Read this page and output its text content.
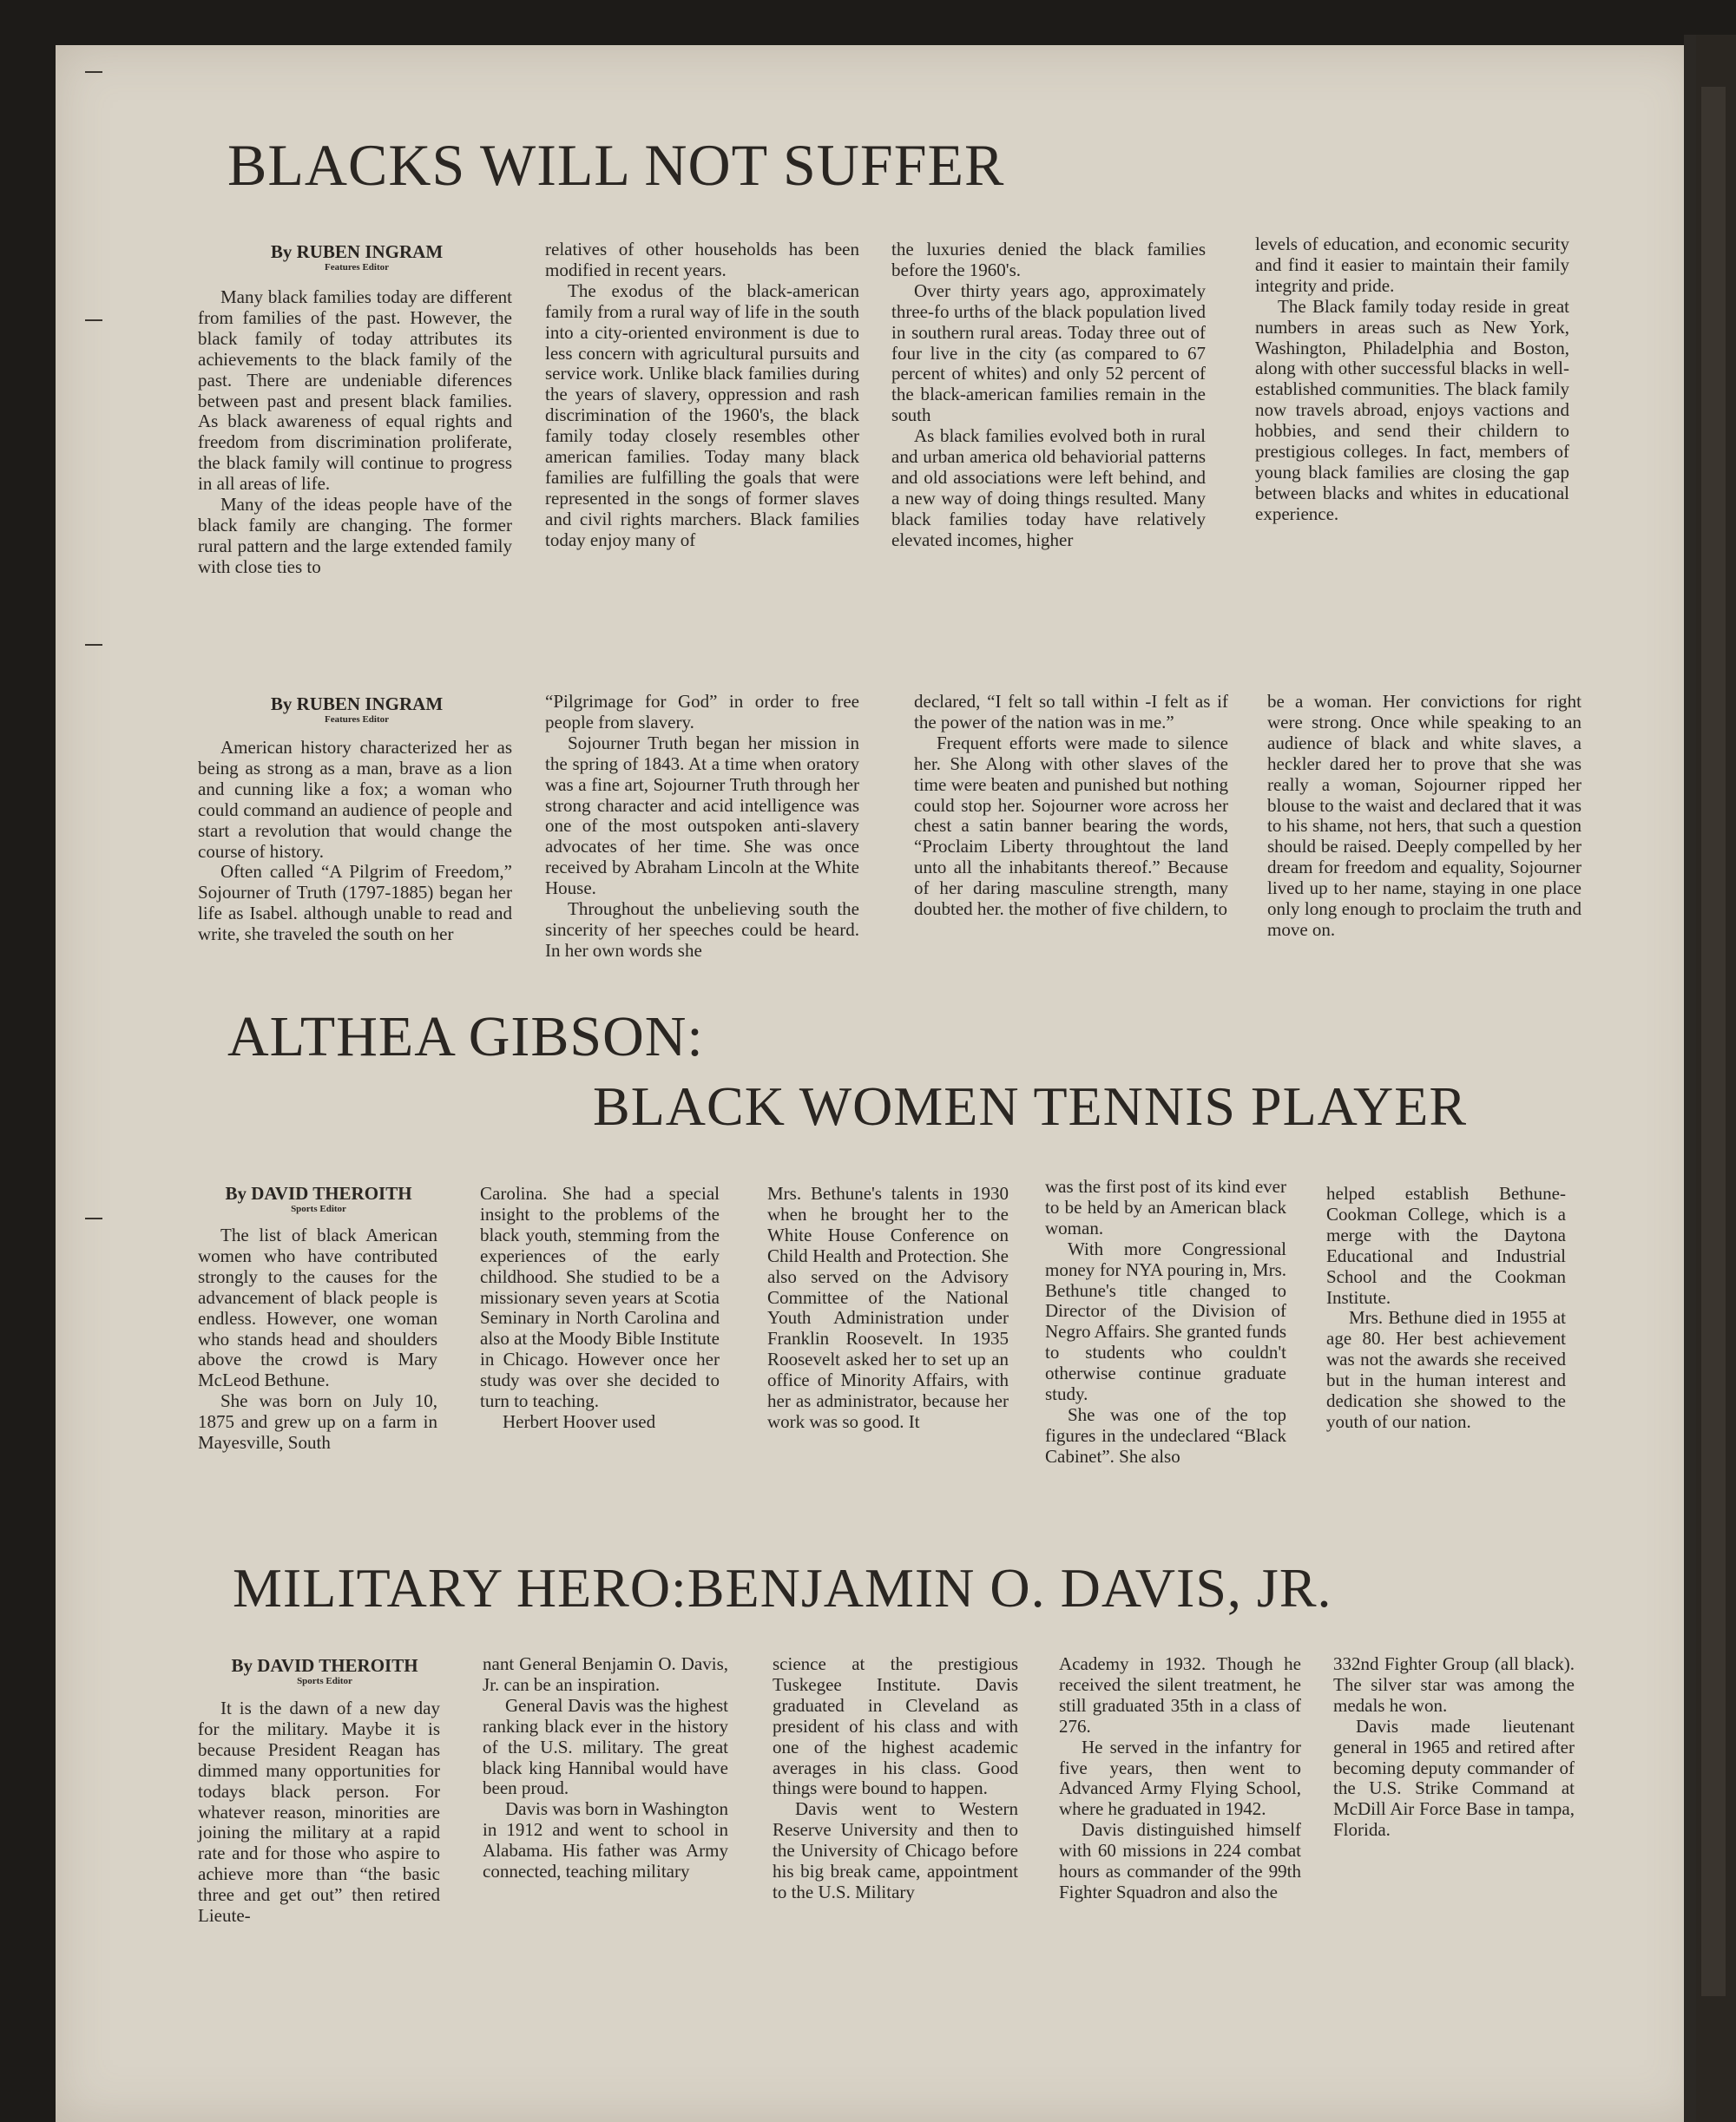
BLACKS WILL NOT SUFFER
By RUBEN INGRAM
Features Editor

Many black families today are different from families of the past. However, the black family of today attributes its achievements to the black family of the past. There are undeniable diferences between past and present black families. As black awareness of equal rights and freedom from discrimination proliferate, the black family will continue to progress in all areas of life.

Many of the ideas people have of the black family are changing. The former rural pattern and the large extended family with close ties to

relatives of other households has been modified in recent years.

The exodus of the black-american family from a rural way of life in the south into a city-oriented environment is due to less concern with agricultural pursuits and service work. Unlike black families during the years of slavery, oppression and rash discrimination of the 1960's, the black family today closely resembles other american families. Today many black families are fulfilling the goals that were represented in the songs of former slaves and civil rights marchers. Black families today enjoy many of

the luxuries denied the black families before the 1960's.

Over thirty years ago, approximately three-fo urths of the black population lived in southern rural areas. Today three out of four live in the city (as compared to 67 percent of whites) and only 52 percent of the black-american families remain in the south

As black families evolved both in rural and urban america old behaviorial patterns and old associations were left behind, and a new way of doing things resulted. Many black families today have relatively elevated incomes, higher

levels of education, and economic security and find it easier to maintain their family integrity and pride.

The Black family today reside in great numbers in areas such as New York, Washington, Philadelphia and Boston, along with other successful blacks in well-established communities. The black family now travels abroad, enjoys vactions and hobbies, and send their childern to prestigious colleges. In fact, members of young black families are closing the gap between blacks and whites in educational experience.

By RUBEN INGRAM
Features Editor

American history characterized her as being as strong as a man, brave as a lion and cunning like a fox; a woman who could command an audience of people and start a revolution that would change the course of history.

Often called “A Pilgrim of Freedom,” Sojourner of Truth (1797-1885) began her life as Isabel. although unable to read and write, she traveled the south on her

“Pilgrimage for God” in order to free people from slavery.

Sojourner Truth began her mission in the spring of 1843. At a time when oratory was a fine art, Sojourner Truth through her strong character and acid intelligence was one of the most outspoken anti-slavery advocates of her time. She was once received by Abraham Lincoln at the White House.

Throughout the unbelieving south the sincerity of her speeches could be heard. In her own words she

declared, “I felt so tall within -I felt as if the power of the nation was in me.”

Frequent efforts were made to silence her. She Along with other slaves of the time were beaten and punished but nothing could stop her. Sojourner wore across her chest a satin banner bearing the words, “Proclaim Liberty throughtout the land unto all the inhabitants thereof.” Because of her daring masculine strength, many doubted her. the mother of five childern, to

be a woman. Her convictions for right were strong. Once while speaking to an audience of black and white slaves, a heckler dared her to prove that she was really a woman, Sojourner ripped her blouse to the waist and declared that it was to his shame, not hers, that such a question should be raised. Deeply compelled by her dream for freedom and equality, Sojourner lived up to her name, staying in one place only long enough to proclaim the truth and move on.

ALTHEA GIBSON:
BLACK WOMEN TENNIS PLAYER
By DAVID THEROITH
Sports Editor

The list of black American women who have contributed strongly to the causes for the advancement of black people is endless. However, one woman who stands head and shoulders above the crowd is Mary McLeod Bethune.

She was born on July 10, 1875 and grew up on a farm in Mayesville, South

Carolina. She had a special insight to the problems of the black youth, stemming from the experiences of the early childhood. She studied to be a missionary seven years at Scotia Seminary in North Carolina and also at the Moody Bible Institute in Chicago. However once her study was over she decided to turn to teaching.

Herbert Hoover used

Mrs. Bethune's talents in 1930 when he brought her to the White House Conference on Child Health and Protection. She also served on the Advisory Committee of the National Youth Administration under Franklin Roosevelt. In 1935 Roosevelt asked her to set up an office of Minority Affairs, with her as administrator, because her work was so good. It

was the first post of its kind ever to be held by an American black woman.

With more Congressional money for NYA pouring in, Mrs. Bethune's title changed to Director of the Division of Negro Affairs. She granted funds to students who couldn't otherwise continue graduate study.

She was one of the top figures in the undeclared “Black Cabinet”. She also

helped establish Bethune-Cookman College, which is a merge with the Daytona Educational and Industrial School and the Cookman Institute.

Mrs. Bethune died in 1955 at age 80. Her best achievement was not the awards she received but in the human interest and dedication she showed to the youth of our nation.

MILITARY HERO:BENJAMIN O. DAVIS, JR.
By DAVID THEROITH
Sports Editor

It is the dawn of a new day for the military. Maybe it is because President Reagan has dimmed many opportunities for todays black person. For whatever reason, minorities are joining the military at a rapid rate and for those who aspire to achieve more than “the basic three and get out” then retired Lieute-

nant General Benjamin O. Davis, Jr. can be an inspiration.

General Davis was the highest ranking black ever in the history of the U.S. military. The great black king Hannibal would have been proud.

Davis was born in Washington in 1912 and went to school in Alabama. His father was Army connected, teaching military

science at the prestigious Tuskegee Institute. Davis graduated in Cleveland as president of his class and with one of the highest academic averages in his class. Good things were bound to happen.

Davis went to Western Reserve University and then to the University of Chicago before his big break came, appointment to the U.S. Military

Academy in 1932. Though he received the silent treatment, he still graduated 35th in a class of 276.

He served in the infantry for five years, then went to Advanced Army Flying School, where he graduated in 1942.

Davis distinguished himself with 60 missions in 224 combat hours as commander of the 99th Fighter Squadron and also the

332nd Fighter Group (all black). The silver star was among the medals he won.

Davis made lieutenant general in 1965 and retired after becoming deputy commander of the U.S. Strike Command at McDill Air Force Base in tampa, Florida.
